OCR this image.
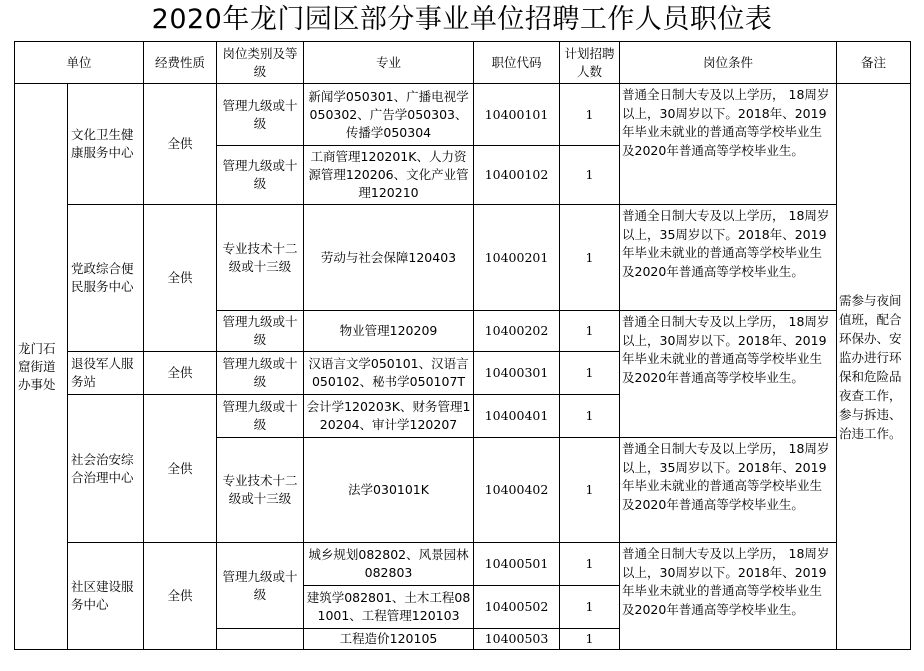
2020年龙门园区部分事业单位招聘工作人员职位表
单位		经费性质	岗位类别及等级	专业	职位代码	计划招聘人数	岗位条件	备注
龙门石窟街道办事处	文化卫生健康服务中心	全供	管理九级或十级	新闻学050301、广播电视学 050302、广告学050303、传播学050304	10400101	1	普通全日制大专及以上学历， 18周岁以上，30周岁以下。2018年、2019年毕业未就业的普通高等学校毕业生及2020年普通高等学校毕业生。	需参与夜间值班，配合环保办、安监办进行环保和危险品夜查工作，参与拆违、治违工作。
			管理九级或十级	工商管理120201K、人力资源管理120206、文化产业管理120210	10400102	1		
	党政综合便民服务中心	全供	专业技术十二级或十三级	劳动与社会保障120403	10400201	1	普通全日制大专及以上学历， 18周岁以上，35周岁以下。2018年、2019年毕业未就业的普通高等学校毕业生及2020年普通高等学校毕业生。	
			管理九级或十级	物业管理120209	10400202	1	普通全日制大专及以上学历， 18周岁以上，30周岁以下。2018年、2019年毕业未就业的普通高等学校毕业生及2020年普通高等学校毕业生。	
	退役军人服务站	全供	管理九级或十级	汉语言文学050101、汉语言050102、秘书学050107T	10400301	1		
	社会治安综合治理中心	全供	管理九级或十级	会计学120203K、财务管理120204、审计学120207	10400401	1		
			专业技术十二级或十三级	法学030101K	10400402	1	普通全日制大专及以上学历， 18周岁以上，35周岁以下。2018年、2019年毕业未就业的普通高等学校毕业生及2020年普通高等学校毕业生。	
	社区建设服务中心	全供	管理九级或十级	城乡规划082802、风景园林082803	10400501	1	普通全日制大专及以上学历， 18周岁以上，30周岁以下。2018年、2019年毕业未就业的普通高等学校毕业生及2020年普通高等学校毕业生。	
				建筑学082801、土木工程081001、工程管理120103	10400502	1		
				工程造价120105	10400503	1		
